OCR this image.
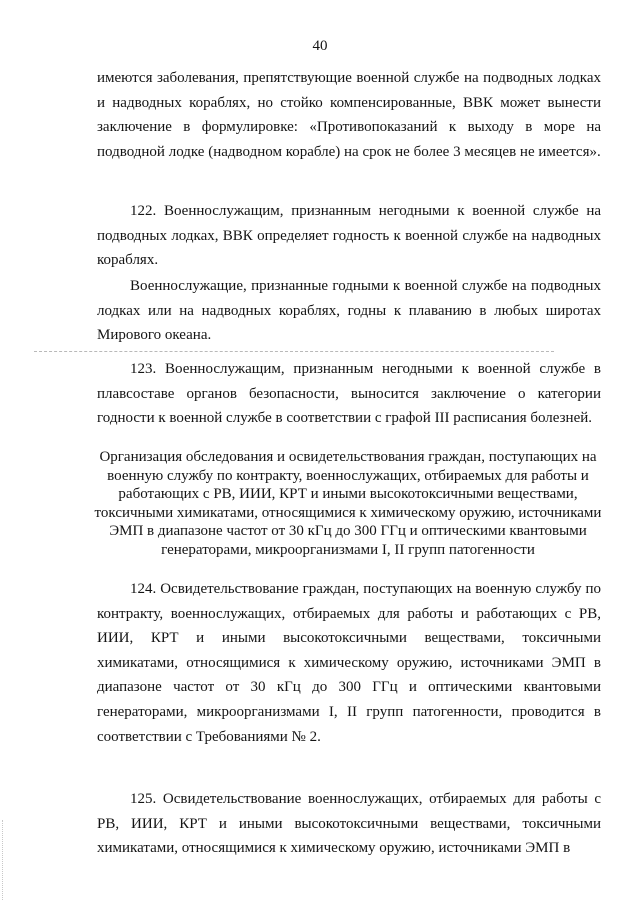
40

имеются заболевания, препятствующие военной службе на подводных лодках и надводных кораблях, но стойко компенсированные, ВВК может вынести заключение в формулировке: «Противопоказаний к выходу в море на подводной лодке (надводном корабле) на срок не более 3 месяцев не имеется».

122. Военнослужащим, признанным негодными к военной службе на подводных лодках, ВВК определяет годность к военной службе на надводных кораблях.

Военнослужащие, признанные годными к военной службе на подводных лодках или на надводных кораблях, годны к плаванию в любых широтах Мирового океана.

123. Военнослужащим, признанным негодными к военной службе в плавсоставе органов безопасности, выносится заключение о категории годности к военной службе в соответствии с графой III расписания болезней.

Организация обследования и освидетельствования граждан, поступающих на военную службу по контракту, военнослужащих, отбираемых для работы и работающих с РВ, ИИИ, КРТ и иными высокотоксичными веществами, токсичными химикатами, относящимися к химическому оружию, источниками ЭМП в диапазоне частот от 30 кГц до 300 ГГц и оптическими квантовыми генераторами, микроорганизмами I, II групп патогенности

124. Освидетельствование граждан, поступающих на военную службу по контракту, военнослужащих, отбираемых для работы и работающих с РВ, ИИИ, КРТ и иными высокотоксичными веществами, токсичными химикатами, относящимися к химическому оружию, источниками ЭМП в диапазоне частот от 30 кГц до 300 ГГц и оптическими квантовыми генераторами, микроорганизмами I, II групп патогенности, проводится в соответствии с Требованиями № 2.

125. Освидетельствование военнослужащих, отбираемых для работы с РВ, ИИИ, КРТ и иными высокотоксичными веществами, токсичными химикатами, относящимися к химическому оружию, источниками ЭМП в
